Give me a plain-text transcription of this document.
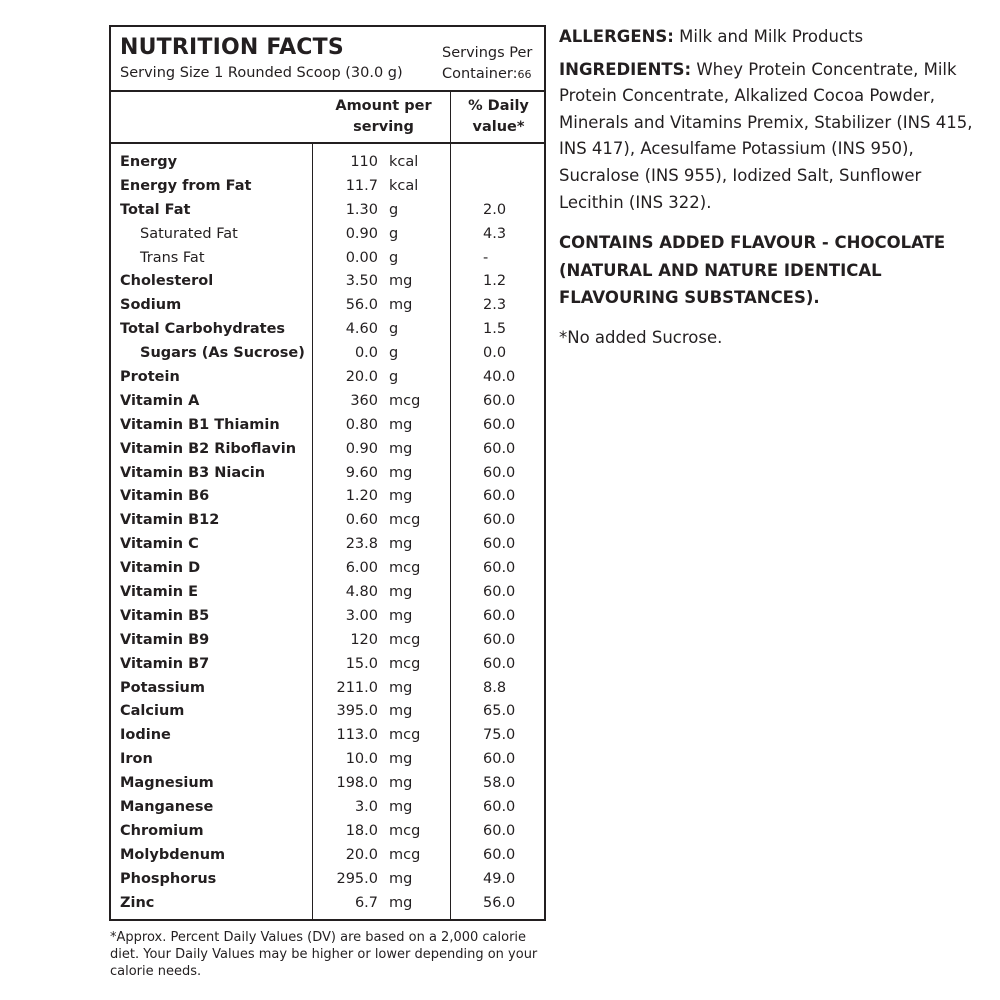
NUTRITION FACTS
Serving Size 1 Rounded Scoop (30.0 g)
Servings Per
Container:66
Amount per
serving
% Daily
value*
Energy	110 kcal
Energy from Fat	11.7 kcal
Total Fat	1.30 g	2.0
Saturated Fat	0.90 g	4.3
Trans Fat	0.00 g	-
Cholesterol	3.50 mg	1.2
Sodium	56.0 mg	2.3
Total Carbohydrates	4.60 g	1.5
Sugars (As Sucrose)	0.0 g	0.0
Protein	20.0 g	40.0
Vitamin A	360 mcg	60.0
Vitamin B1 Thiamin	0.80 mg	60.0
Vitamin B2 Riboflavin	0.90 mg	60.0
Vitamin B3 Niacin	9.60 mg	60.0
Vitamin B6	1.20 mg	60.0
Vitamin B12	0.60 mcg	60.0
Vitamin C	23.8 mg	60.0
Vitamin D	6.00 mcg	60.0
Vitamin E	4.80 mg	60.0
Vitamin B5	3.00 mg	60.0
Vitamin B9	120 mcg	60.0
Vitamin B7	15.0 mcg	60.0
Potassium	211.0 mg	8.8
Calcium	395.0 mg	65.0
Iodine	113.0 mcg	75.0
Iron	10.0 mg	60.0
Magnesium	198.0 mg	58.0
Manganese	3.0 mg	60.0
Chromium	18.0 mcg	60.0
Molybdenum	20.0 mcg	60.0
Phosphorus	295.0 mg	49.0
Zinc	6.7 mg	56.0
*Approx. Percent Daily Values (DV) are based on a 2,000 calorie diet. Your Daily Values may be higher or lower depending on your calorie needs.

ALLERGENS: Milk and Milk Products

INGREDIENTS: Whey Protein Concentrate, Milk Protein Concentrate, Alkalized Cocoa Powder, Minerals and Vitamins Premix, Stabilizer (INS 415, INS 417), Acesulfame Potassium (INS 950), Sucralose (INS 955), Iodized Salt, Sunflower Lecithin (INS 322).

CONTAINS ADDED FLAVOUR - CHOCOLATE (NATURAL AND NATURE IDENTICAL FLAVOURING SUBSTANCES).

*No added Sucrose.
